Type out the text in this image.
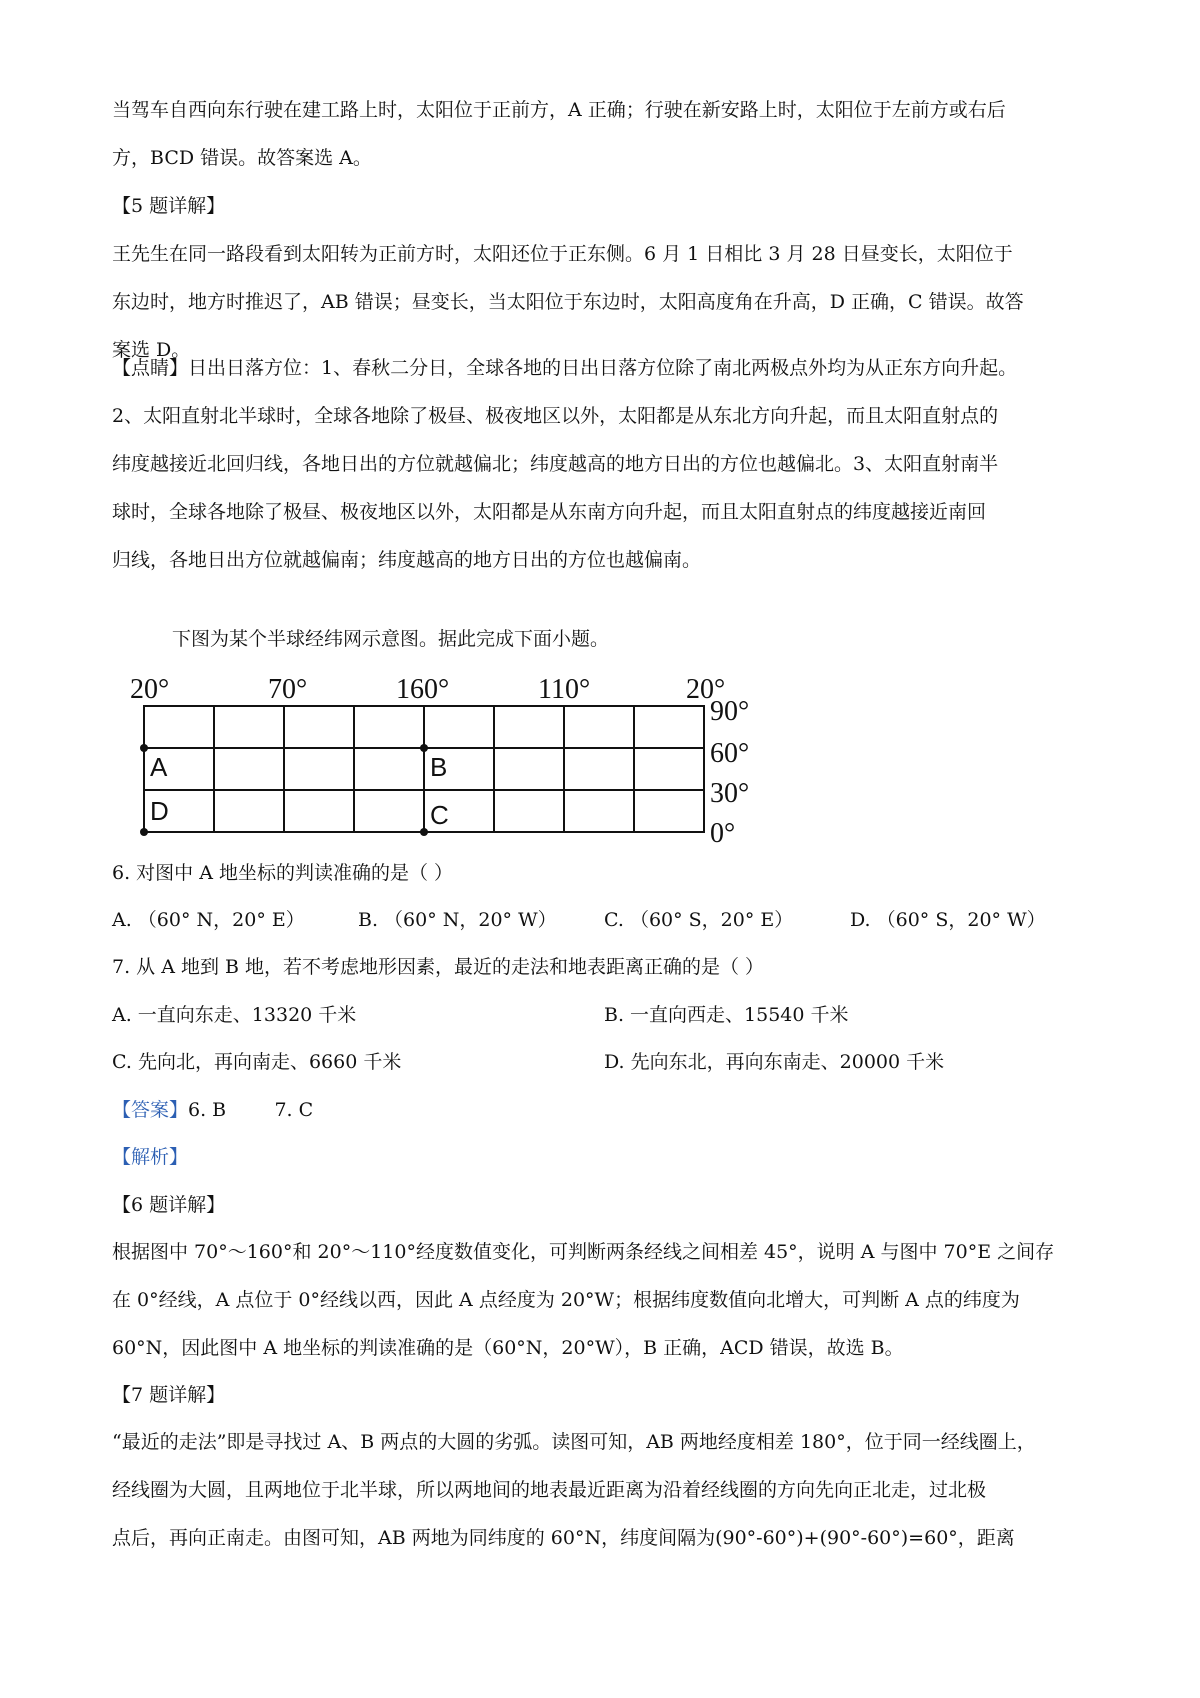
当驾车自西向东行驶在建工路上时，太阳位于正前方，A 正确；行驶在新安路上时，太阳位于左前方或右后
方，BCD 错误。故答案选 A。
【5 题详解】
王先生在同一路段看到太阳转为正前方时，太阳还位于正东侧。6 月 1 日相比 3 月 28 日昼变长，太阳位于
东边时，地方时推迟了，AB 错误；昼变长，当太阳位于东边时，太阳高度角在升高，D 正确，C 错误。故答
案选 D。
【点睛】日出日落方位：1、春秋二分日，全球各地的日出日落方位除了南北两极点外均为从正东方向升起。
2、太阳直射北半球时，全球各地除了极昼、极夜地区以外，太阳都是从东北方向升起，而且太阳直射点的
纬度越接近北回归线，各地日出的方位就越偏北；纬度越高的地方日出的方位也越偏北。3、太阳直射南半
球时，全球各地除了极昼、极夜地区以外，太阳都是从东南方向升起，而且太阳直射点的纬度越接近南回
归线，各地日出方位就越偏南；纬度越高的地方日出的方位也越偏南。
下图为某个半球经纬网示意图。据此完成下面小题。
20°	70°	160°	110°	20°
90°
60°
30°
0°
A	B
C
D
6. 对图中 A 地坐标的判读准确的是（ ）
A. （60° N，20° E）	B. （60° N，20° W） C. （60° S，20° E）	D. （60° S，20° W）
7. 从 A 地到 B 地，若不考虑地形因素，最近的走法和地表距离正确的是（ ）
A. 一直向东走、13320 千米	B. 一直向西走、15540 千米
C. 先向北，再向南走、6660 千米	D. 先向东北，再向东南走、20000 千米
【答案】6. B        7. C
【解析】
【6 题详解】
根据图中 70°～160°和 20°～110°经度数值变化，可判断两条经线之间相差 45°，说明 A 与图中 70°E 之间存
在 0°经线，A 点位于 0°经线以西，因此 A 点经度为 20°W；根据纬度数值向北增大，可判断 A 点的纬度为
60°N，因此图中 A 地坐标的判读准确的是（60°N，20°W），B 正确，ACD 错误，故选 B。
【7 题详解】
“最近的走法”即是寻找过 A、B 两点的大圆的劣弧。读图可知，AB 两地经度相差 180°，位于同一经线圈上，
经线圈为大圆，且两地位于北半球，所以两地间的地表最近距离为沿着经线圈的方向先向正北走，过北极
点后，再向正南走。由图可知，AB 两地为同纬度的 60°N，纬度间隔为(90°-60°)+(90°-60°)=60°，距离
